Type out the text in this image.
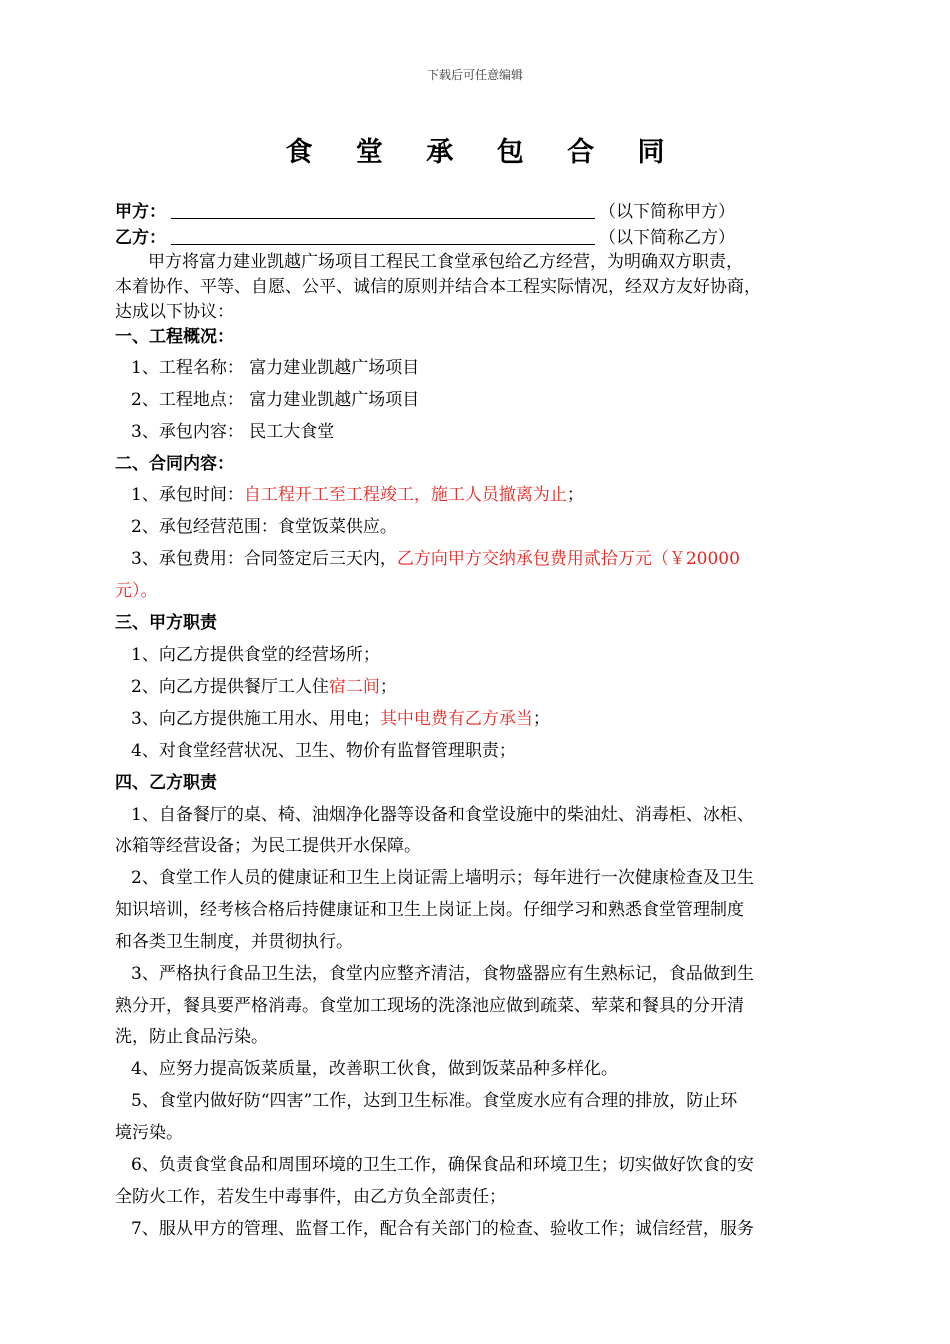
下载后可任意编辑
食 堂 承 包 合 同
甲方：	（以下简称甲方）
乙方：	（以下简称乙方）
甲方将富力建业凯越广场项目工程民工食堂承包给乙方经营，为明确双方职责，
本着协作、平等、自愿、公平、诚信的原则并结合本工程实际情况，经双方友好协商，
达成以下协议：
一、工程概况：
1、工程名称： 富力建业凯越广场项目
2、工程地点： 富力建业凯越广场项目
3、承包内容： 民工大食堂
二、合同内容：
1、承包时间：自工程开工至工程竣工，施工人员撤离为止；
2、承包经营范围：食堂饭菜供应。
3、承包费用：合同签定后三天内，乙方向甲方交纳承包费用贰拾万元（￥20000
元）。
三、甲方职责
1、向乙方提供食堂的经营场所；
2、向乙方提供餐厅工人住宿二间；
3、向乙方提供施工用水、用电；其中电费有乙方承当；
4、对食堂经营状况、卫生、物价有监督管理职责；
四、乙方职责
1、自备餐厅的桌、椅、油烟净化器等设备和食堂设施中的柴油灶、消毒柜、冰柜、
冰箱等经营设备；为民工提供开水保障。
2、食堂工作人员的健康证和卫生上岗证需上墙明示；每年进行一次健康检查及卫生
知识培训，经考核合格后持健康证和卫生上岗证上岗。仔细学习和熟悉食堂管理制度
和各类卫生制度，并贯彻执行。
3、严格执行食品卫生法，食堂内应整齐清洁，食物盛器应有生熟标记，食品做到生
熟分开，餐具要严格消毒。食堂加工现场的洗涤池应做到疏菜、荤菜和餐具的分开清
洗，防止食品污染。
4、应努力提高饭菜质量，改善职工伙食，做到饭菜品种多样化。
5、食堂内做好防“四害”工作，达到卫生标准。食堂废水应有合理的排放，防止环
境污染。
6、负责食堂食品和周围环境的卫生工作，确保食品和环境卫生；切实做好饮食的安
全防火工作，若发生中毒事件，由乙方负全部责任；
7、服从甲方的管理、监督工作，配合有关部门的检查、验收工作；诚信经营，服务
